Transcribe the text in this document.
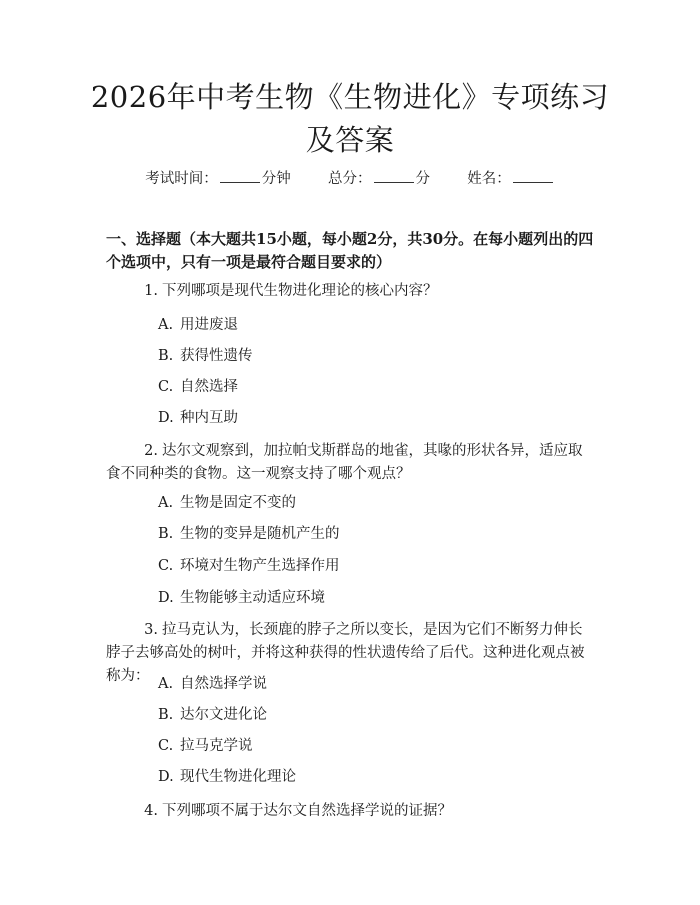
2026年中考生物《生物进化》专项练习及答案
考试时间：	分钟	总分：	分	姓名：

一、选择题（本大题共15小题，每小题2分，共30分。在每小题列出的四个选项中，只有一项是最符合题目要求的）

1. 下列哪项是现代生物进化理论的核心内容？

A. 用进废退

B. 获得性遗传

C. 自然选择

D. 种内互助

2. 达尔文观察到，加拉帕戈斯群岛的地雀，其喙的形状各异，适应取食不同种类的食物。这一观察支持了哪个观点？

A. 生物是固定不变的

B. 生物的变异是随机产生的

C. 环境对生物产生选择作用

D. 生物能够主动适应环境

3. 拉马克认为，长颈鹿的脖子之所以变长，是因为它们不断努力伸长脖子去够高处的树叶，并将这种获得的性状遗传给了后代。这种进化观点被称为： A. 自然选择学说

B. 达尔文进化论

C. 拉马克学说

D. 现代生物进化理论

4. 下列哪项不属于达尔文自然选择学说的证据？
